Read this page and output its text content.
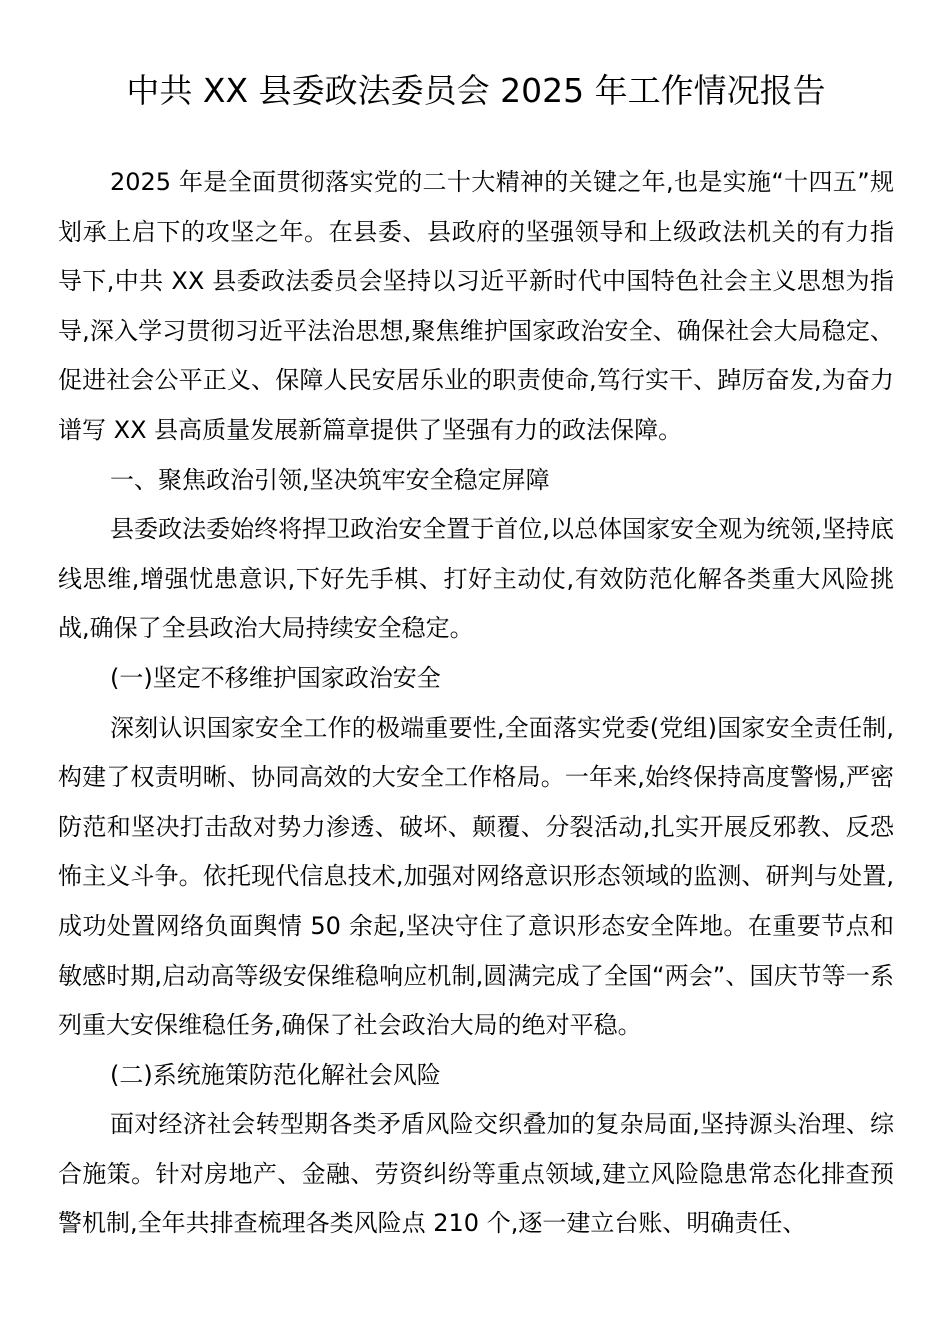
中共 XX 县委政法委员会 2025 年工作情况报告

2025 年是全面贯彻落实党的二十大精神的关键之年,也是实施“十四五”规划承上启下的攻坚之年。在县委、县政府的坚强领导和上级政法机关的有力指导下,中共 XX 县委政法委员会坚持以习近平新时代中国特色社会主义思想为指导,深入学习贯彻习近平法治思想,聚焦维护国家政治安全、确保社会大局稳定、促进社会公平正义、保障人民安居乐业的职责使命,笃行实干、踔厉奋发,为奋力谱写 XX 县高质量发展新篇章提供了坚强有力的政法保障。

一、聚焦政治引领,坚决筑牢安全稳定屏障

县委政法委始终将捍卫政治安全置于首位,以总体国家安全观为统领,坚持底线思维,增强忧患意识,下好先手棋、打好主动仗,有效防范化解各类重大风险挑战,确保了全县政治大局持续安全稳定。

(一)坚定不移维护国家政治安全

深刻认识国家安全工作的极端重要性,全面落实党委(党组)国家安全责任制,构建了权责明晰、协同高效的大安全工作格局。一年来,始终保持高度警惕,严密防范和坚决打击敌对势力渗透、破坏、颠覆、分裂活动,扎实开展反邪教、反恐怖主义斗争。依托现代信息技术,加强对网络意识形态领域的监测、研判与处置,成功处置网络负面舆情 50 余起,坚决守住了意识形态安全阵地。在重要节点和敏感时期,启动高等级安保维稳响应机制,圆满完成了全国“两会”、国庆节等一系列重大安保维稳任务,确保了社会政治大局的绝对平稳。

(二)系统施策防范化解社会风险

面对经济社会转型期各类矛盾风险交织叠加的复杂局面,坚持源头治理、综合施策。针对房地产、金融、劳资纠纷等重点领域,建立风险隐患常态化排查预警机制,全年共排查梳理各类风险点 210 个,逐一建立台账、明确责任、
